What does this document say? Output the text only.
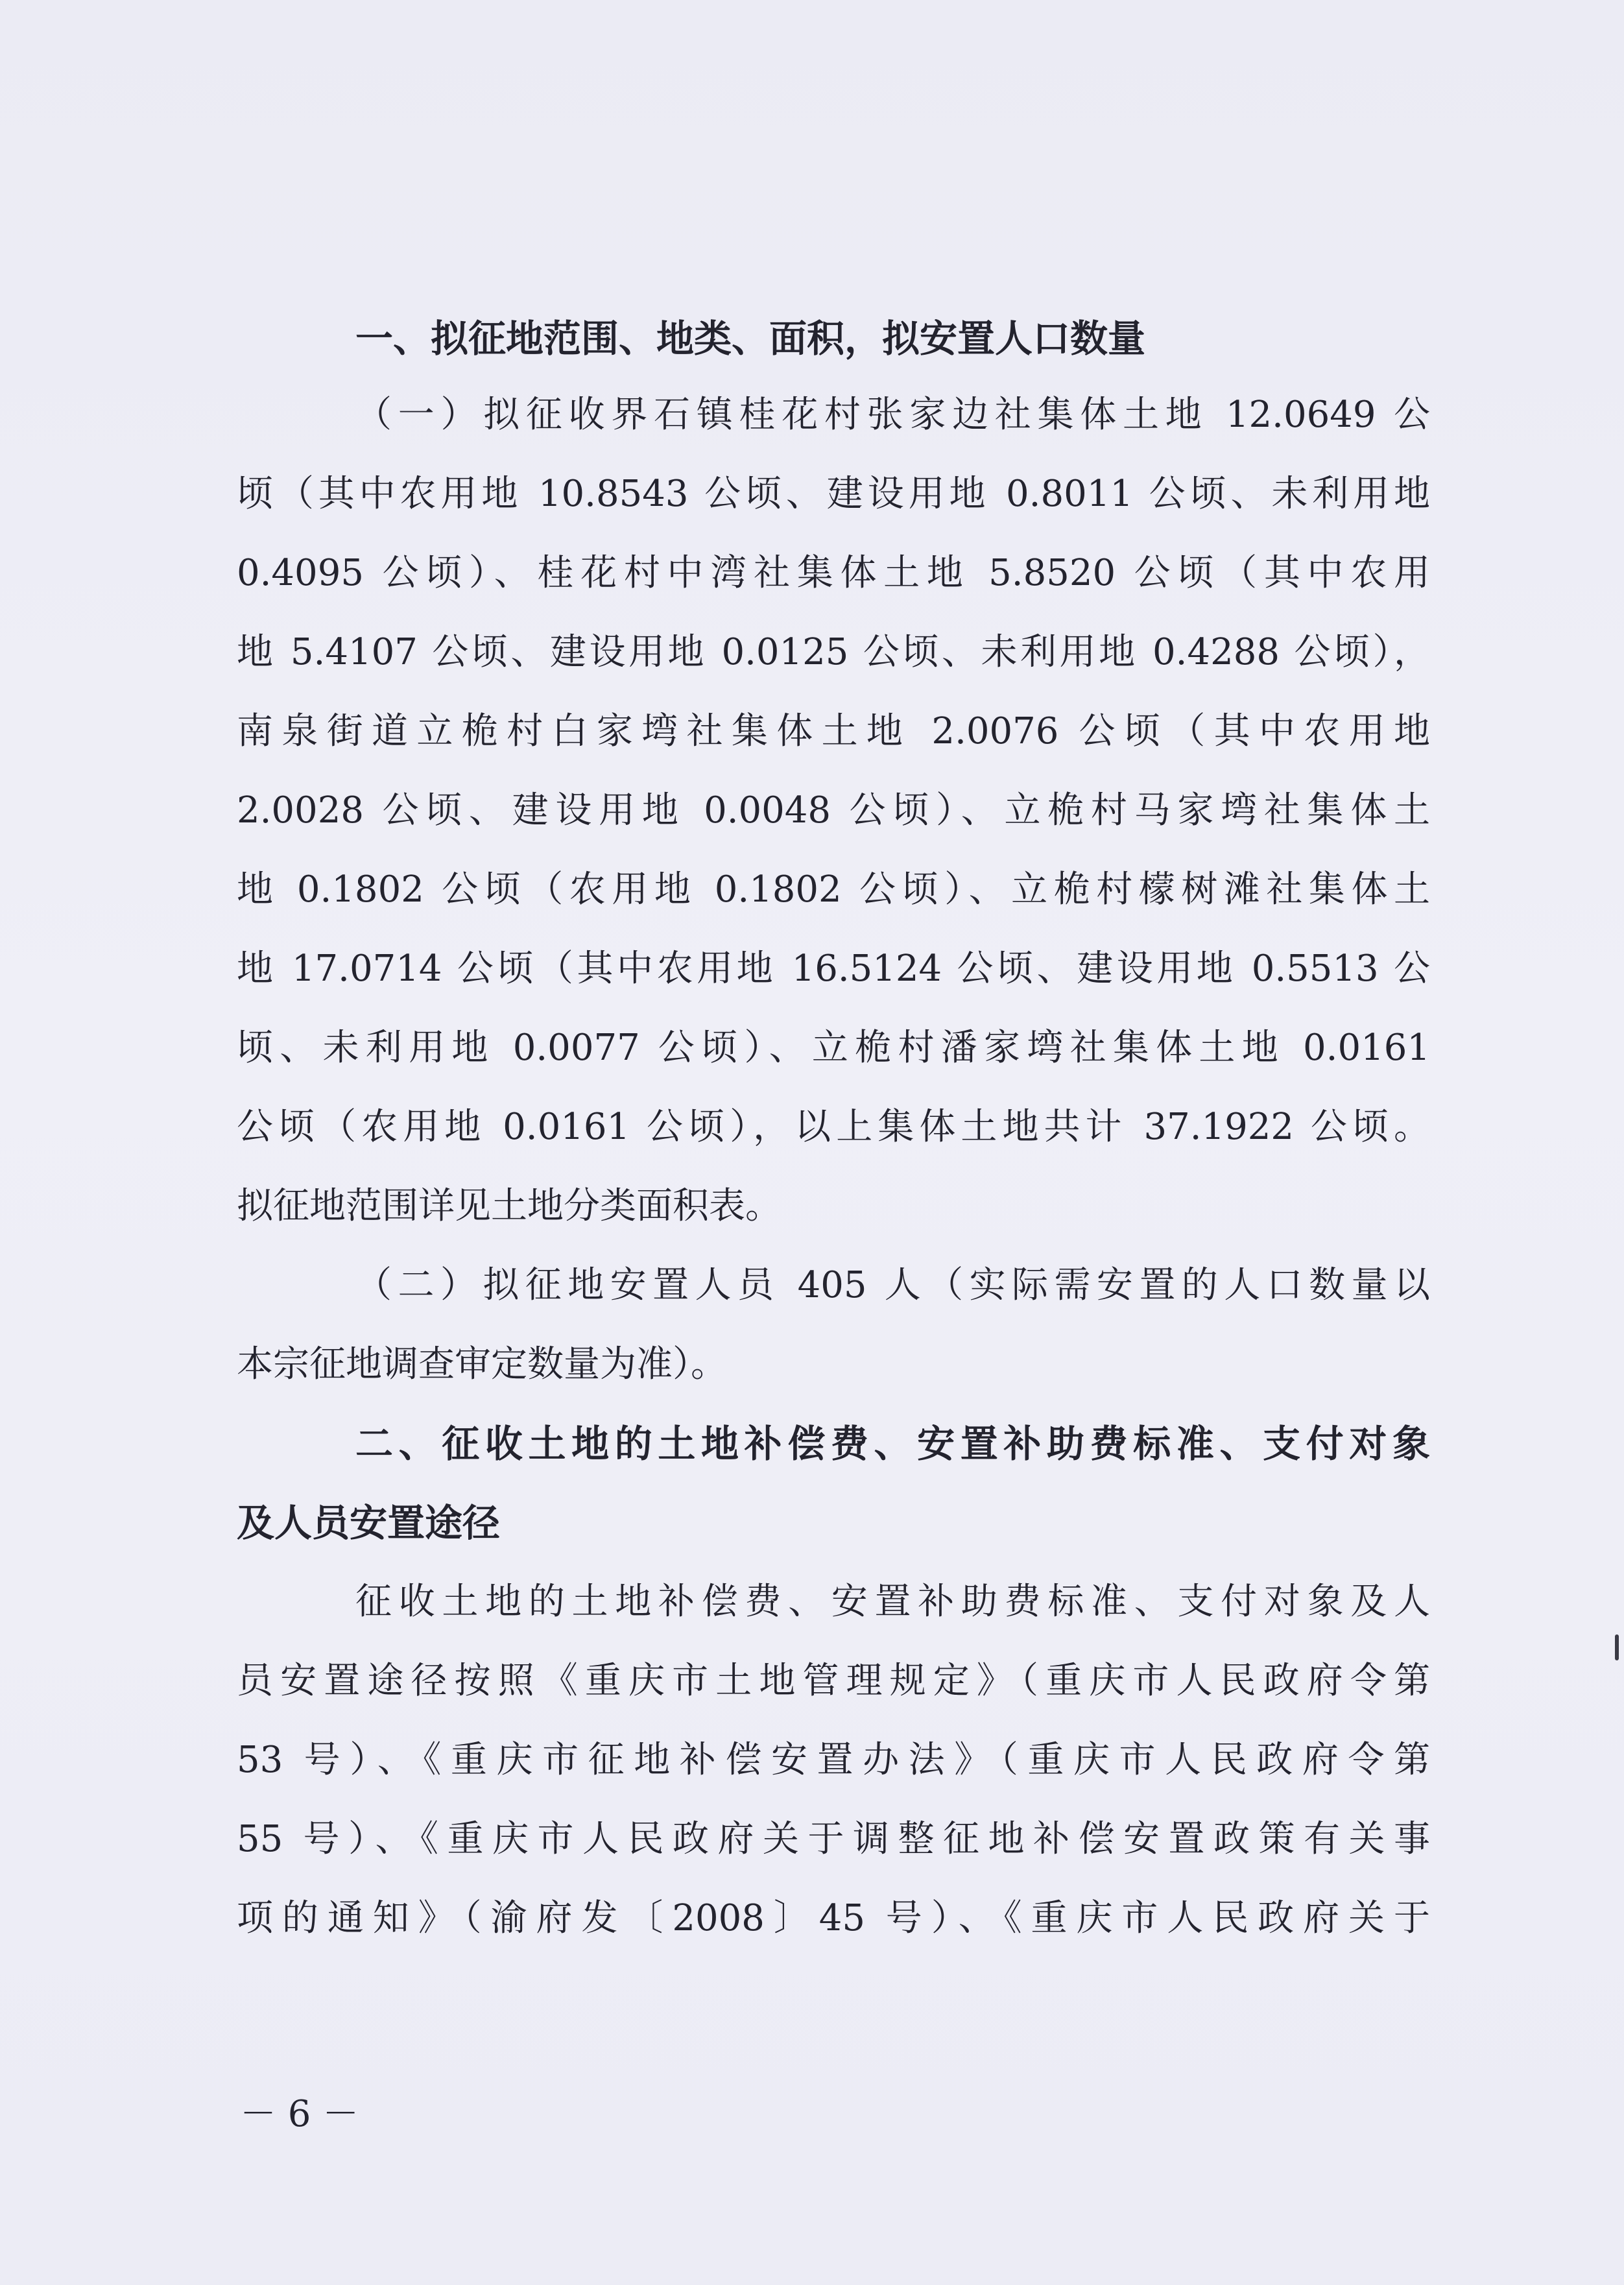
一、拟征地范围、地类、面积，拟安置人口数量
（一）拟征收界石镇桂花村张家边社集体土地 12.0649 公
顷（其中农用地 10.8543 公顷、建设用地 0.8011 公顷、未利用地
0.4095 公顷）、桂花村中湾社集体土地 5.8520 公顷（其中农用
地 5.4107 公顷、建设用地 0.0125 公顷、未利用地 0.4288 公顷），
南泉街道立桅村白家塆社集体土地 2.0076 公顷（其中农用地
2.0028 公顷、建设用地 0.0048 公顷）、立桅村马家塆社集体土
地 0.1802 公顷（农用地 0.1802 公顷）、立桅村檬树滩社集体土
地 17.0714 公顷（其中农用地 16.5124 公顷、建设用地 0.5513 公
顷、未利用地 0.0077 公顷）、立桅村潘家塆社集体土地 0.0161
公顷（农用地 0.0161 公顷），以上集体土地共计 37.1922 公顷。
拟征地范围详见土地分类面积表。
（二）拟征地安置人员 405 人（实际需安置的人口数量以
本宗征地调查审定数量为准）。
二、征收土地的土地补偿费、安置补助费标准、支付对象
及人员安置途径
征收土地的土地补偿费、安置补助费标准、支付对象及人
员安置途径按照《重庆市土地管理规定》（重庆市人民政府令第
53 号）、《重庆市征地补偿安置办法》（重庆市人民政府令第
55 号）、《重庆市人民政府关于调整征地补偿安置政策有关事
项的通知》（渝府发〔2008〕45 号）、《重庆市人民政府关于
－ 6 －
